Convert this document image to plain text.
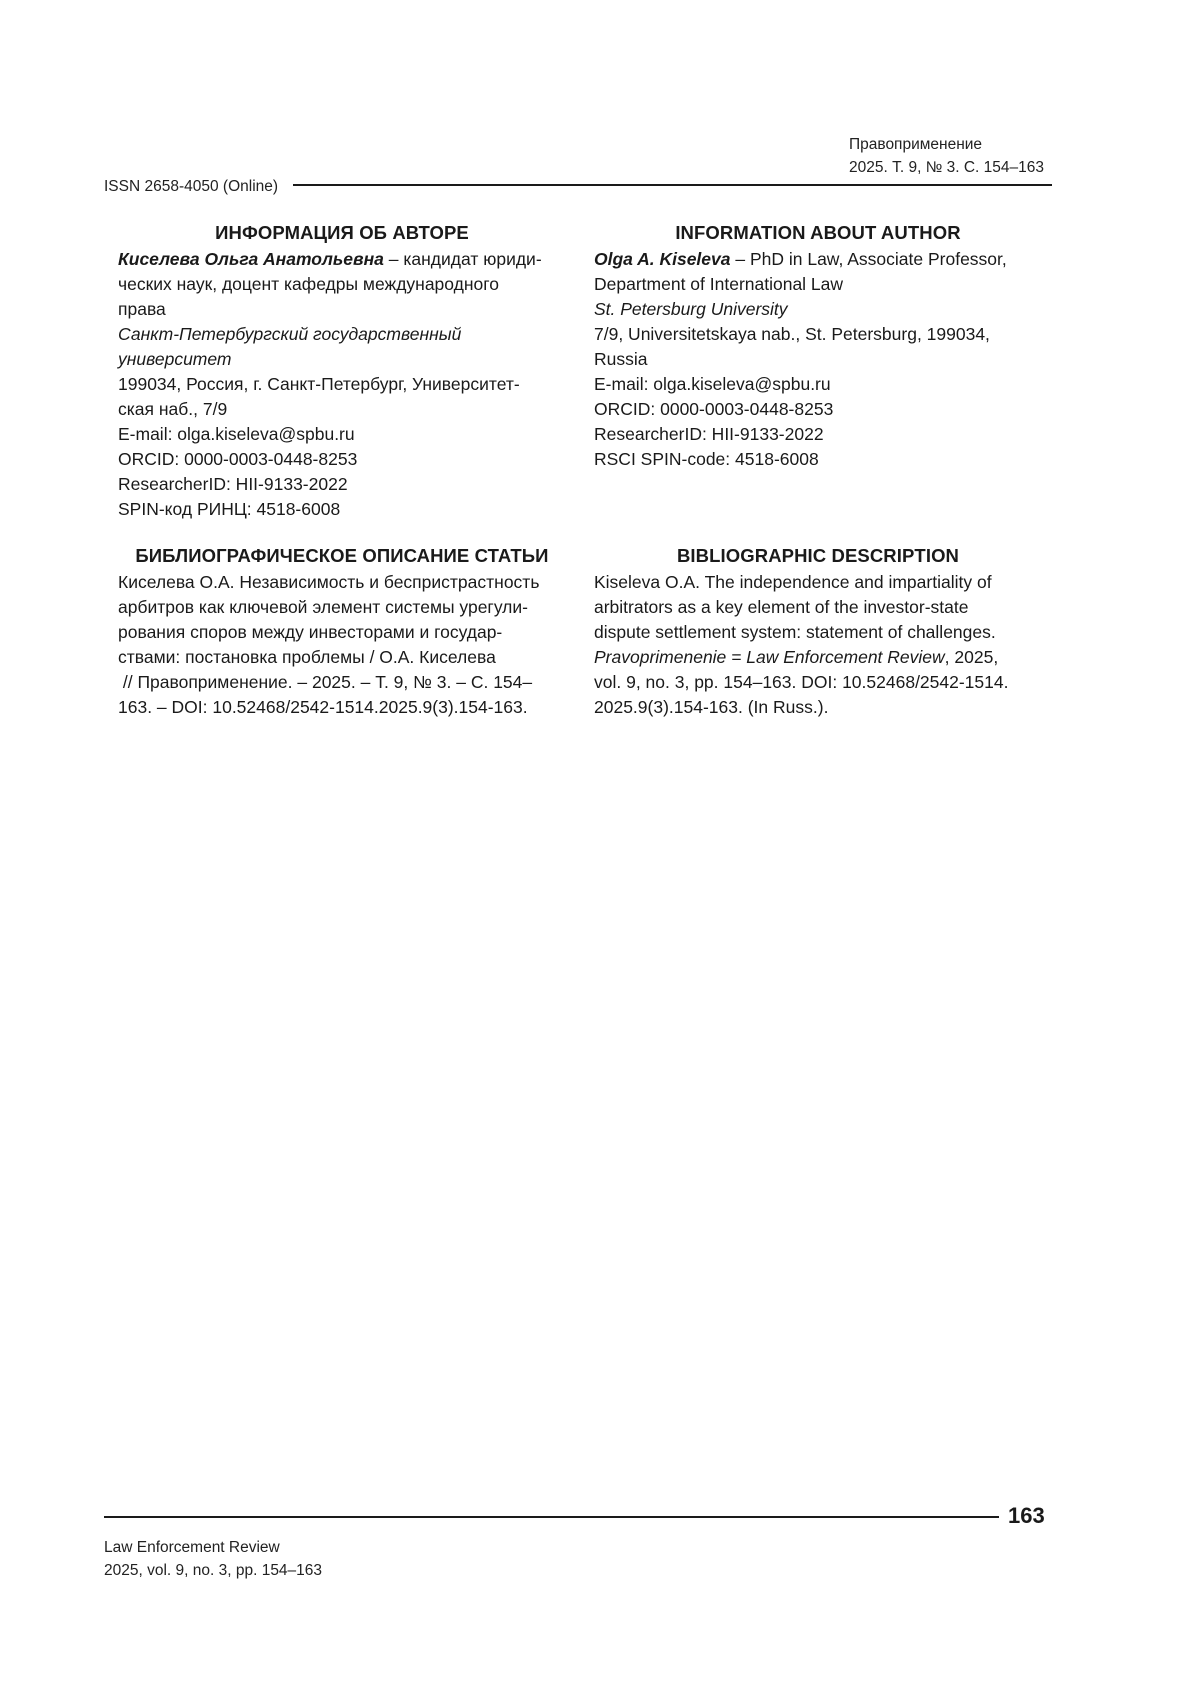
Правоприменение
2025. Т. 9, № 3. С. 154–163
ISSN 2658-4050 (Online)
ИНФОРМАЦИЯ ОБ АВТОРЕ
Киселева Ольга Анатольевна – кандидат юриди-
ческих наук, доцент кафедры международного
права
Санкт-Петербургский государственный
университет
199034, Россия, г. Санкт-Петербург, Университет-
ская наб., 7/9
E-mail: olga.kiseleva@spbu.ru
ORCID: 0000-0003-0448-8253
ResearcherID: HII-9133-2022
SPIN-код РИНЦ: 4518-6008
INFORMATION ABOUT AUTHOR
Olga A. Kiseleva – PhD in Law, Associate Professor,
Department of International Law
St. Petersburg University
7/9, Universitetskaya nab., St. Petersburg, 199034,
Russia
E-mail: olga.kiseleva@spbu.ru
ORCID: 0000-0003-0448-8253
ResearcherID: HII-9133-2022
RSCI SPIN-code: 4518-6008
БИБЛИОГРАФИЧЕСКОЕ ОПИСАНИЕ СТАТЬИ
Киселева О.А. Независимость и беспристрастность
арбитров как ключевой элемент системы урегули-
рования споров между инвесторами и государ-
ствами: постановка проблемы / О.А. Киселева
// Правоприменение. – 2025. – Т. 9, № 3. – С. 154–
163. – DOI: 10.52468/2542-1514.2025.9(3).154-163.
BIBLIOGRAPHIC DESCRIPTION
Kiseleva O.A. The independence and impartiality of
arbitrators as a key element of the investor-state
dispute settlement system: statement of challenges.
Pravoprimenenie = Law Enforcement Review, 2025,
vol. 9, no. 3, pp. 154–163. DOI: 10.52468/2542-1514.
2025.9(3).154-163. (In Russ.).
163
Law Enforcement Review
2025, vol. 9, no. 3, pp. 154–163
